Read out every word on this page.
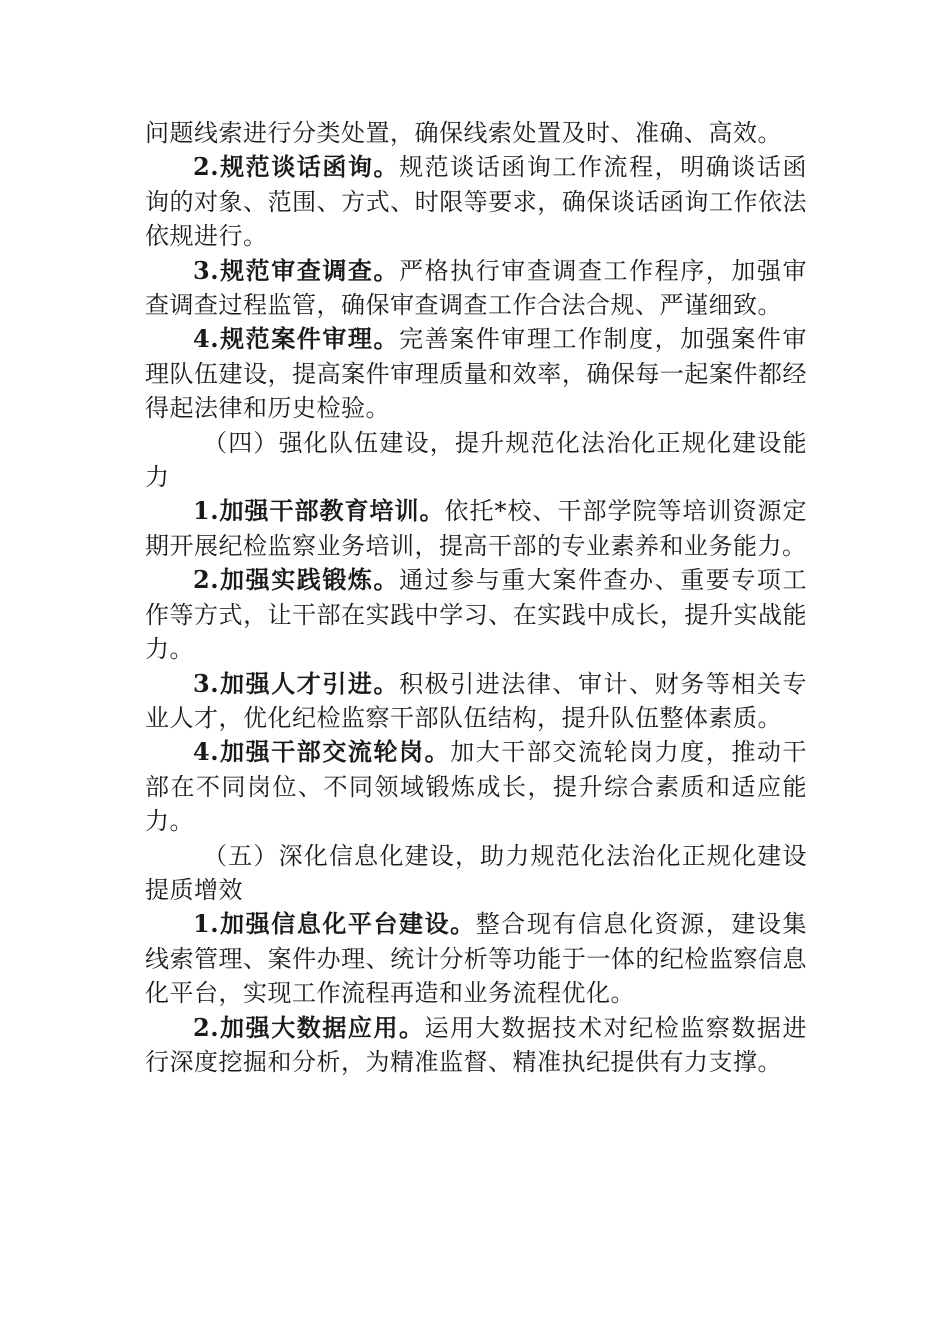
问题线索进行分类处置，确保线索处置及时、准确、高效。

2.规范谈话函询。规范谈话函询工作流程，明确谈话函询的对象、范围、方式、时限等要求，确保谈话函询工作依法依规进行。

3.规范审查调查。严格执行审查调查工作程序，加强审查调查过程监管，确保审查调查工作合法合规、严谨细致。

4.规范案件审理。完善案件审理工作制度，加强案件审理队伍建设，提高案件审理质量和效率，确保每一起案件都经得起法律和历史检验。

（四）强化队伍建设，提升规范化法治化正规化建设能力

1.加强干部教育培训。依托*校、干部学院等培训资源定期开展纪检监察业务培训，提高干部的专业素养和业务能力。

2.加强实践锻炼。通过参与重大案件查办、重要专项工作等方式，让干部在实践中学习、在实践中成长，提升实战能力。

3.加强人才引进。积极引进法律、审计、财务等相关专业人才，优化纪检监察干部队伍结构，提升队伍整体素质。

4.加强干部交流轮岗。加大干部交流轮岗力度，推动干部在不同岗位、不同领域锻炼成长，提升综合素质和适应能力。

（五）深化信息化建设，助力规范化法治化正规化建设提质增效

1.加强信息化平台建设。整合现有信息化资源，建设集线索管理、案件办理、统计分析等功能于一体的纪检监察信息化平台，实现工作流程再造和业务流程优化。

2.加强大数据应用。运用大数据技术对纪检监察数据进行深度挖掘和分析，为精准监督、精准执纪提供有力支撑。
